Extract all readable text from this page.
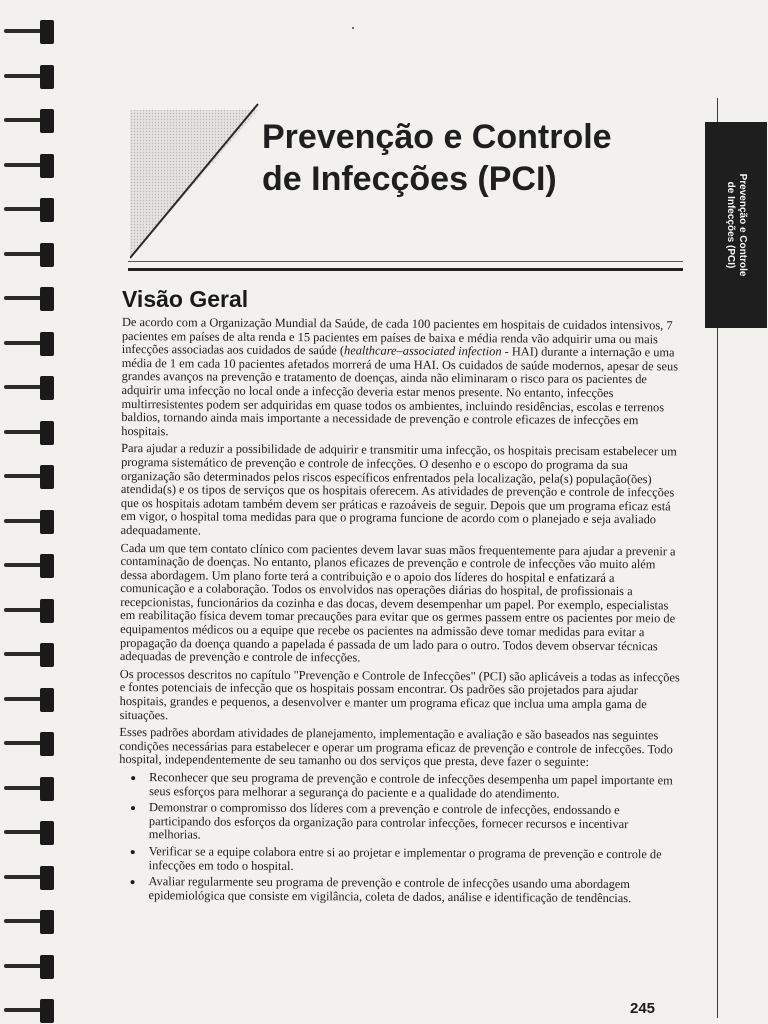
Prevenção e Controle
de Infecções (PCI)	Prevenção e Controle
de Infecções (PCI)
Visão Geral

De acordo com a Organização Mundial da Saúde, de cada 100 pacientes em hospitais de cuidados intensivos, 7 pacientes em países de alta renda e 15 pacientes em países de baixa e média renda vão adquirir uma ou mais infecções associadas aos cuidados de saúde (healthcare–associated infection - HAI) durante a internação e uma média de 1 em cada 10 pacientes afetados morrerá de uma HAI. Os cuidados de saúde modernos, apesar de seus grandes avanços na prevenção e tratamento de doenças, ainda não eliminaram o risco para os pacientes de adquirir uma infecção no local onde a infecção deveria estar menos presente. No entanto, infecções multirresistentes podem ser adquiridas em quase todos os ambientes, incluindo residências, escolas e terrenos baldios, tornando ainda mais importante a necessidade de prevenção e controle eficazes de infecções em hospitais.

Para ajudar a reduzir a possibilidade de adquirir e transmitir uma infecção, os hospitais precisam estabelecer um programa sistemático de prevenção e controle de infecções. O desenho e o escopo do programa da sua organização são determinados pelos riscos específicos enfrentados pela localização, pela(s) população(ões) atendida(s) e os tipos de serviços que os hospitais oferecem. As atividades de prevenção e controle de infecções que os hospitais adotam também devem ser práticas e razoáveis de seguir. Depois que um programa eficaz está em vigor, o hospital toma medidas para que o programa funcione de acordo com o planejado e seja avaliado adequadamente.

Cada um que tem contato clínico com pacientes devem lavar suas mãos frequentemente para ajudar a prevenir a contaminação de doenças. No entanto, planos eficazes de prevenção e controle de infecções vão muito além dessa abordagem. Um plano forte terá a contribuição e o apoio dos líderes do hospital e enfatizará a comunicação e a colaboração. Todos os envolvidos nas operações diárias do hospital, de profissionais a recepcionistas, funcionários da cozinha e das docas, devem desempenhar um papel. Por exemplo, especialistas em reabilitação física devem tomar precauções para evitar que os germes passem entre os pacientes por meio de equipamentos médicos ou a equipe que recebe os pacientes na admissão deve tomar medidas para evitar a propagação da doença quando a papelada é passada de um lado para o outro. Todos devem observar técnicas adequadas de prevenção e controle de infecções.

Os processos descritos no capítulo "Prevenção e Controle de Infecções" (PCI) são aplicáveis a todas as infecções e fontes potenciais de infecção que os hospitais possam encontrar. Os padrões são projetados para ajudar hospitais, grandes e pequenos, a desenvolver e manter um programa eficaz que inclua uma ampla gama de situações.

Esses padrões abordam atividades de planejamento, implementação e avaliação e são baseados nas seguintes condições necessárias para estabelecer e operar um programa eficaz de prevenção e controle de infecções. Todo hospital, independentemente de seu tamanho ou dos serviços que presta, deve fazer o seguinte:

• Reconhecer que seu programa de prevenção e controle de infecções desempenha um papel importante em seus esforços para melhorar a segurança do paciente e a qualidade do atendimento.
• Demonstrar o compromisso dos líderes com a prevenção e controle de infecções, endossando e participando dos esforços da organização para controlar infecções, fornecer recursos e incentivar melhorias.
• Verificar se a equipe colabora entre si ao projetar e implementar o programa de prevenção e controle de infecções em todo o hospital.
• Avaliar regularmente seu programa de prevenção e controle de infecções usando uma abordagem epidemiológica que consiste em vigilância, coleta de dados, análise e identificação de tendências.
245
